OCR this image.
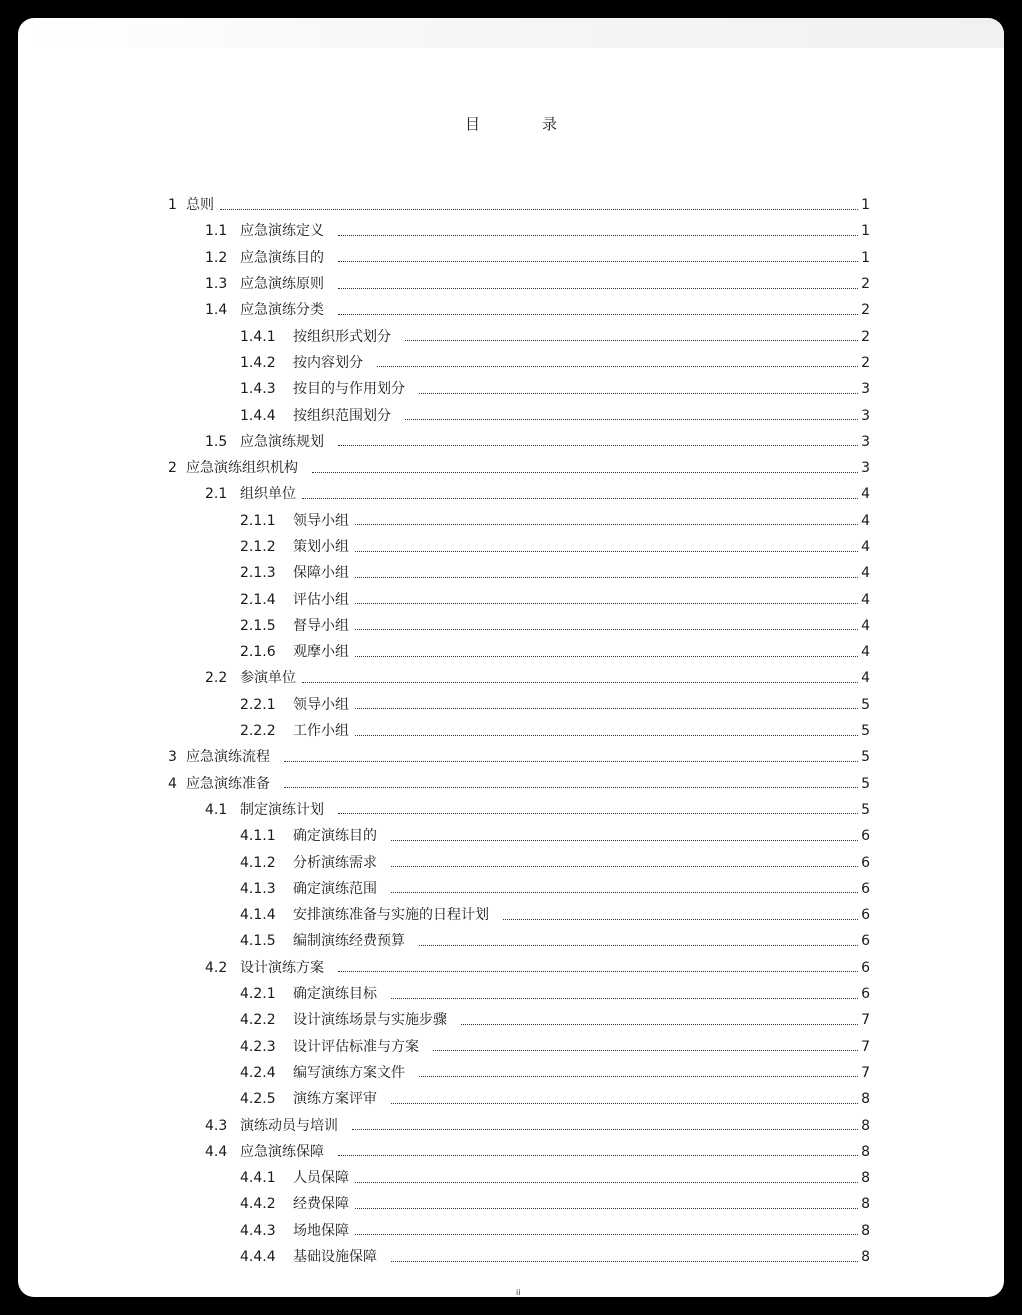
目	录
1 总则	1
1.1 应急演练定义	1
1.2 应急演练目的	1
1.3 应急演练原则	2
1.4 应急演练分类	2
1.4.1	按组织形式划分	2
1.4.2	按内容划分	2
1.4.3	按目的与作用划分	3
1.4.4	按组织范围划分	3
1.5 应急演练规划	3
2 应急演练组织机构	3
2.1 组织单位	4
2.1.1	领导小组	4
2.1.2	策划小组	4
2.1.3	保障小组	4
2.1.4	评估小组	4
2.1.5	督导小组	4
2.1.6	观摩小组	4
2.2 参演单位	4
2.2.1	领导小组	5
2.2.2	工作小组	5
3 应急演练流程	5
4 应急演练准备	5
4.1 制定演练计划	5
4.1.1	确定演练目的	6
4.1.2	分析演练需求	6
4.1.3	确定演练范围	6
4.1.4	安排演练准备与实施的日程计划	6
4.1.5	编制演练经费预算	6
4.2 设计演练方案	6
4.2.1	确定演练目标	6
4.2.2	设计演练场景与实施步骤	7
4.2.3	设计评估标准与方案	7
4.2.4	编写演练方案文件	7
4.2.5	演练方案评审	8
4.3 演练动员与培训	8
4.4 应急演练保障	8
4.4.1	人员保障	8
4.4.2	经费保障	8
4.4.3	场地保障	8
4.4.4	基础设施保障	8
ii
